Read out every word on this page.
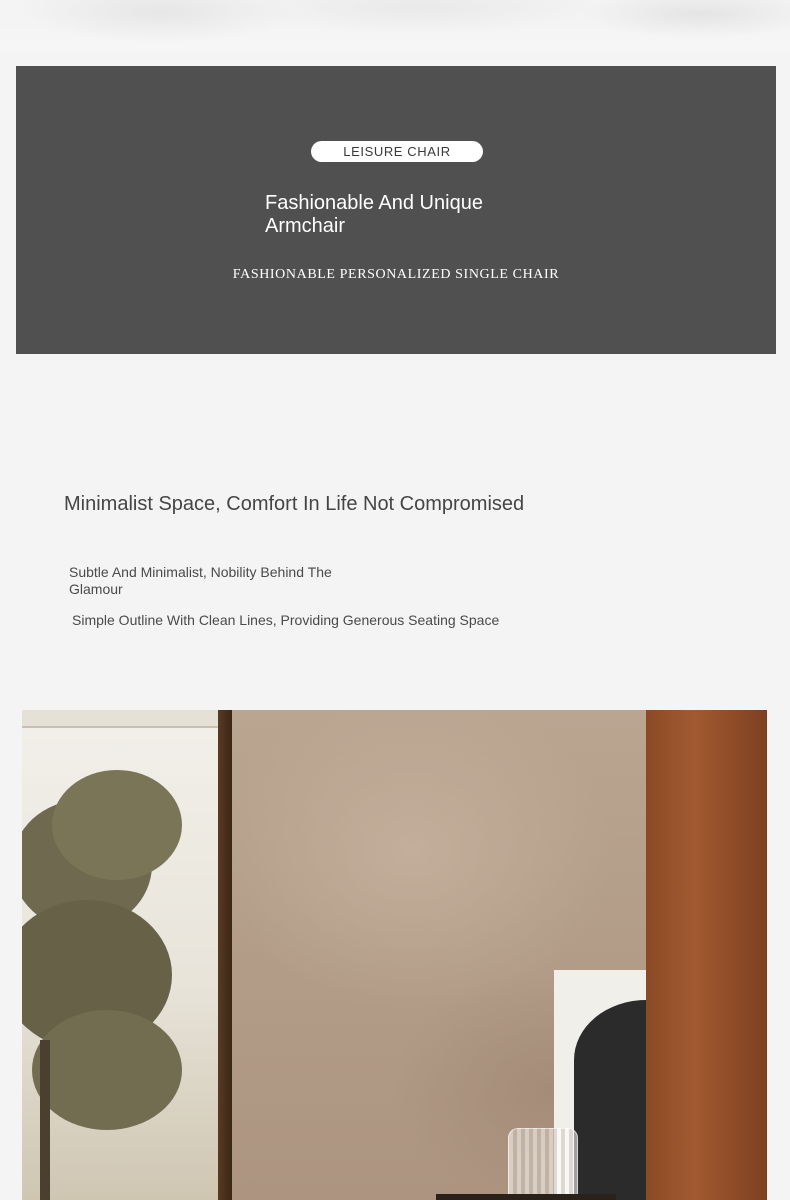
LEISURE CHAIR
Fashionable And Unique Armchair
FASHIONABLE PERSONALIZED SINGLE CHAIR
Minimalist Space, Comfort In Life Not Compromised
Subtle And Minimalist, Nobility Behind The Glamour
Simple Outline With Clean Lines, Providing Generous Seating Space
